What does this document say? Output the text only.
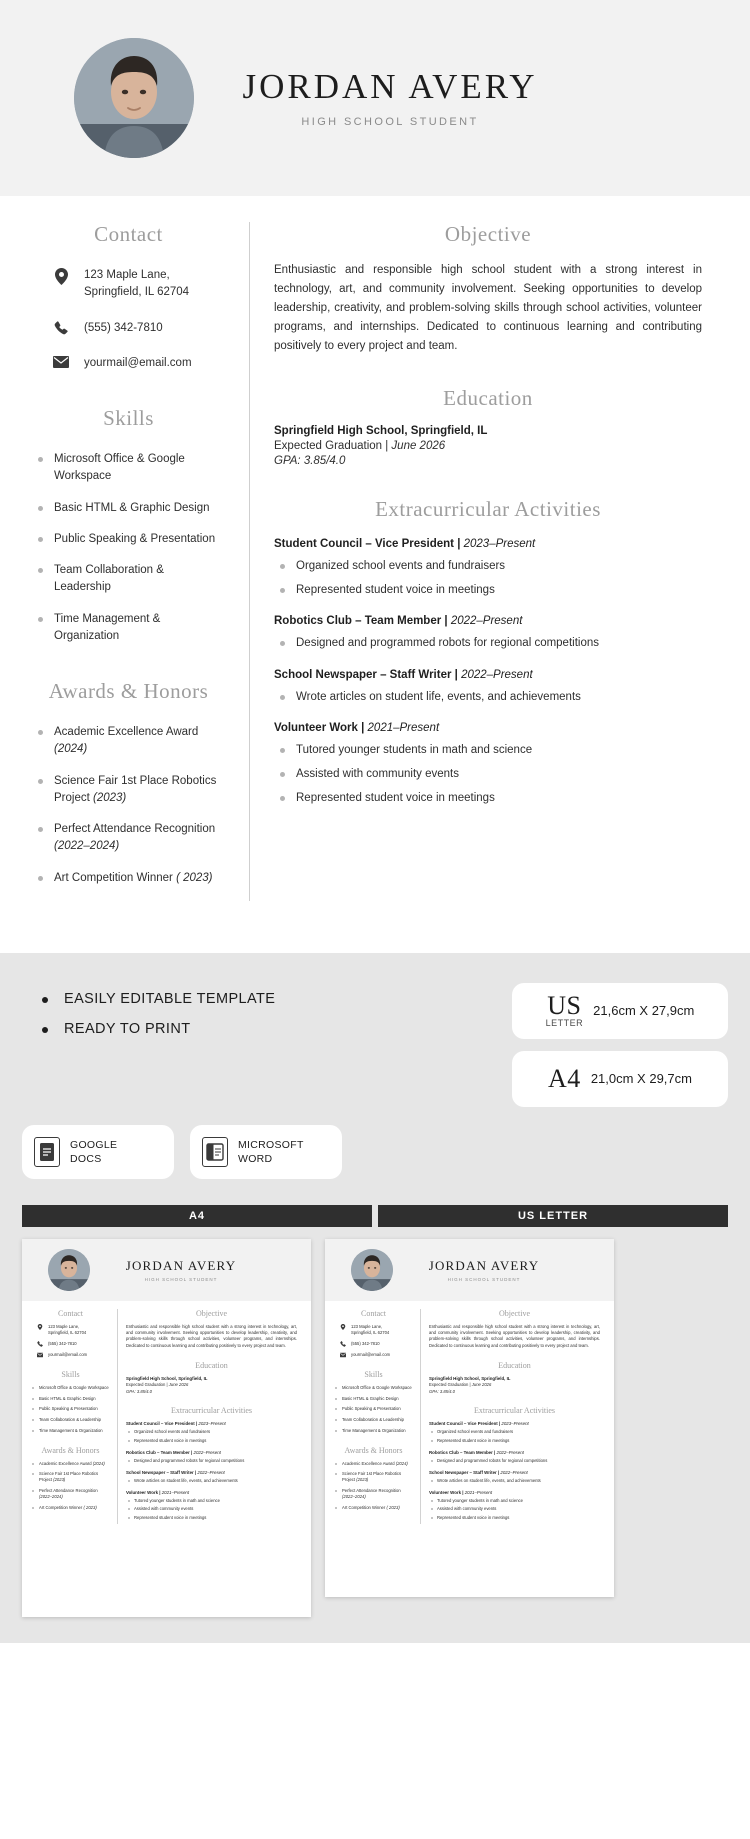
JORDAN AVERY
HIGH SCHOOL STUDENT
Contact
123 Maple Lane,
Springfield, IL 62704
(555) 342-7810
yourmail@email.com
Skills
Microsoft Office & Google Workspace
Basic HTML & Graphic Design
Public Speaking & Presentation
Team Collaboration & Leadership
Time Management & Organization
Awards & Honors
Academic Excellence Award (2024)
Science Fair 1st Place Robotics Project (2023)
Perfect Attendance Recognition (2022–2024)
Art Competition Winner ( 2023)
Objective
Enthusiastic and responsible high school student with a strong interest in technology, art, and community involvement. Seeking opportunities to develop leadership, creativity, and problem-solving skills through school activities, volunteer programs, and internships. Dedicated to continuous learning and contributing positively to every project and team.
Education
Springfield High School, Springfield, IL
Expected Graduation | June 2026
GPA: 3.85/4.0
Extracurricular Activities
Student Council – Vice President | 2023–Present
Organized school events and fundraisers
Represented student voice in meetings
Robotics Club – Team Member | 2022–Present
Designed and programmed robots for regional competitions
School Newspaper – Staff Writer | 2022–Present
Wrote articles on student life, events, and achievements
Volunteer Work | 2021–Present
Tutored younger students in math and science
Assisted with community events
Represented student voice in meetings
EASILY EDITABLE TEMPLATE
READY TO PRINT
US
LETTER
21,6cm X 27,9cm
A4 21,0cm X 29,7cm
GOOGLE
DOCS
MICROSOFT
WORD
A4	US LETTER
JORDAN AVERY
HIGH SCHOOL STUDENT
Contact
123 Maple Lane,
Springfield, IL 62704
(555) 342-7810
yourmail@email.com
Skills
Microsoft Office & Google Workspace
Basic HTML & Graphic Design
Public Speaking & Presentation
Team Collaboration & Leadership
Time Management & Organization
Awards & Honors
Academic Excellence Award (2024)
Science Fair 1st Place Robotics Project (2023)
Perfect Attendance Recognition (2022–2024)
Art Competition Winner ( 2023)
Objective
Enthusiastic and responsible high school student with a strong interest in technology, art, and community involvement. Seeking opportunities to develop leadership, creativity, and problem-solving skills through school activities, volunteer programs, and internships. Dedicated to continuous learning and contributing positively to every project and team.
Education
Springfield High School, Springfield, IL
Expected Graduation | June 2026
GPA: 3.85/4.0
Extracurricular Activities
Student Council – Vice President | 2023–Present
Organized school events and fundraisers
Represented student voice in meetings
Robotics Club – Team Member | 2022–Present
Designed and programmed robots for regional competitions
School Newspaper – Staff Writer | 2022–Present
Wrote articles on student life, events, and achievements
Volunteer Work | 2021–Present
Tutored younger students in math and science
Assisted with community events
Represented student voice in meetings
JORDAN AVERY
HIGH SCHOOL STUDENT
Contact
123 Maple Lane,
Springfield, IL 62704
(555) 342-7810
yourmail@email.com
Skills
Microsoft Office & Google Workspace
Basic HTML & Graphic Design
Public Speaking & Presentation
Team Collaboration & Leadership
Time Management & Organization
Awards & Honors
Academic Excellence Award (2024)
Science Fair 1st Place Robotics Project (2023)
Perfect Attendance Recognition (2022–2024)
Art Competition Winner ( 2023)
Objective
Enthusiastic and responsible high school student with a strong interest in technology, art, and community involvement. Seeking opportunities to develop leadership, creativity, and problem-solving skills through school activities, volunteer programs, and internships. Dedicated to continuous learning and contributing positively to every project and team.
Education
Springfield High School, Springfield, IL
Expected Graduation | June 2026
GPA: 3.85/4.0
Extracurricular Activities
Student Council – Vice President | 2023–Present
Organized school events and fundraisers
Represented student voice in meetings
Robotics Club – Team Member | 2022–Present
Designed and programmed robots for regional competitions
School Newspaper – Staff Writer | 2022–Present
Wrote articles on student life, events, and achievements
Volunteer Work | 2021–Present
Tutored younger students in math and science
Assisted with community events
Represented student voice in meetings
